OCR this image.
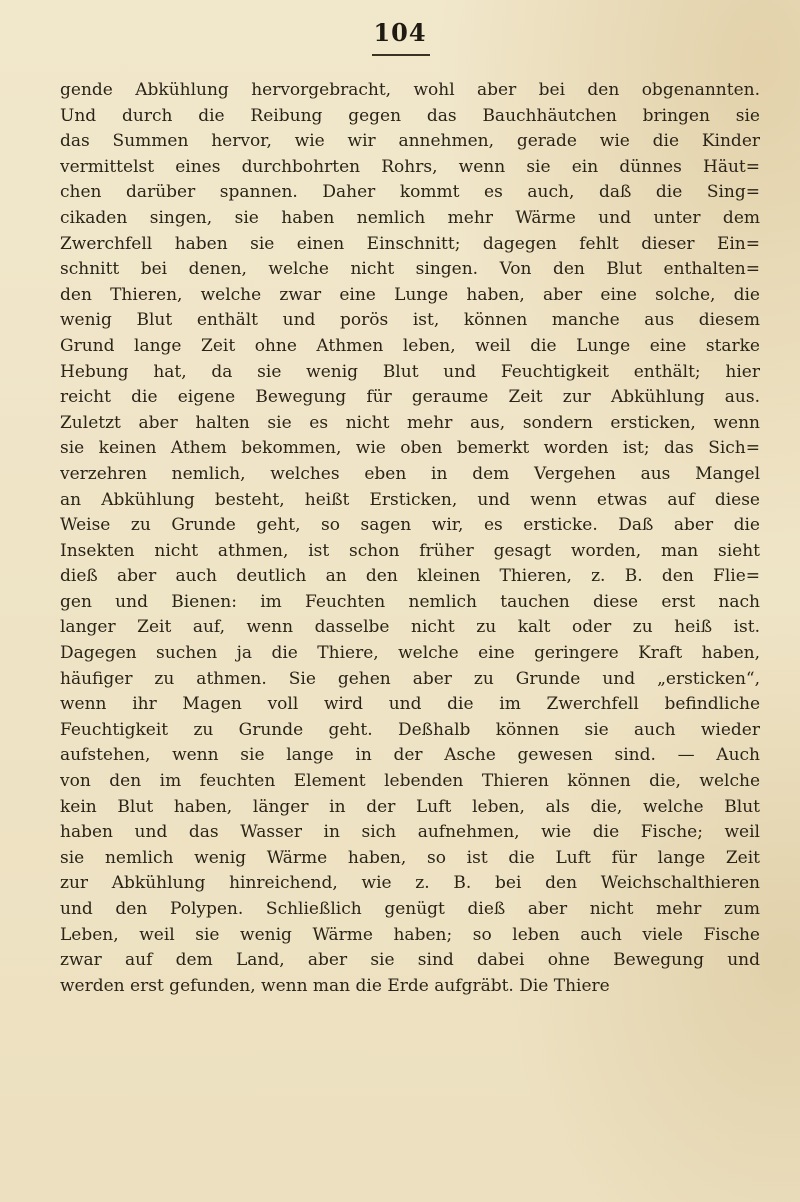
104
gende Abkühlung hervorgebracht, wohl aber bei den obgenannten.
Und durch die Reibung gegen das Bauchhäutchen bringen sie
das Summen hervor, wie wir annehmen, gerade wie die Kinder
vermittelst eines durchbohrten Rohrs, wenn sie ein dünnes Häut=
chen darüber spannen. Daher kommt es auch, daß die Sing=
cikaden singen, sie haben nemlich mehr Wärme und unter dem
Zwerchfell haben sie einen Einschnitt; dagegen fehlt dieser Ein=
schnitt bei denen, welche nicht singen. Von den Blut enthalten=
den Thieren, welche zwar eine Lunge haben, aber eine solche, die
wenig Blut enthält und porös ist, können manche aus diesem
Grund lange Zeit ohne Athmen leben, weil die Lunge eine starke
Hebung hat, da sie wenig Blut und Feuchtigkeit enthält; hier
reicht die eigene Bewegung für geraume Zeit zur Abkühlung aus.
Zuletzt aber halten sie es nicht mehr aus, sondern ersticken, wenn
sie keinen Athem bekommen, wie oben bemerkt worden ist; das Sich=
verzehren nemlich, welches eben in dem Vergehen aus Mangel
an Abkühlung besteht, heißt Ersticken, und wenn etwas auf diese
Weise zu Grunde geht, so sagen wir, es ersticke. Daß aber die
Insekten nicht athmen, ist schon früher gesagt worden, man sieht
dieß aber auch deutlich an den kleinen Thieren, z. B. den Flie=
gen und Bienen: im Feuchten nemlich tauchen diese erst nach
langer Zeit auf, wenn dasselbe nicht zu kalt oder zu heiß ist.
Dagegen suchen ja die Thiere, welche eine geringere Kraft haben,
häufiger zu athmen. Sie gehen aber zu Grunde und „ersticken“,
wenn ihr Magen voll wird und die im Zwerchfell befindliche
Feuchtigkeit zu Grunde geht. Deßhalb können sie auch wieder
aufstehen, wenn sie lange in der Asche gewesen sind. — Auch
von den im feuchten Element lebenden Thieren können die, welche
kein Blut haben, länger in der Luft leben, als die, welche Blut
haben und das Wasser in sich aufnehmen, wie die Fische; weil
sie nemlich wenig Wärme haben, so ist die Luft für lange Zeit
zur Abkühlung hinreichend, wie z. B. bei den Weichschalthieren
und den Polypen. Schließlich genügt dieß aber nicht mehr zum
Leben, weil sie wenig Wärme haben; so leben auch viele Fische
zwar auf dem Land, aber sie sind dabei ohne Bewegung und
werden erst gefunden, wenn man die Erde aufgräbt. Die Thiere
